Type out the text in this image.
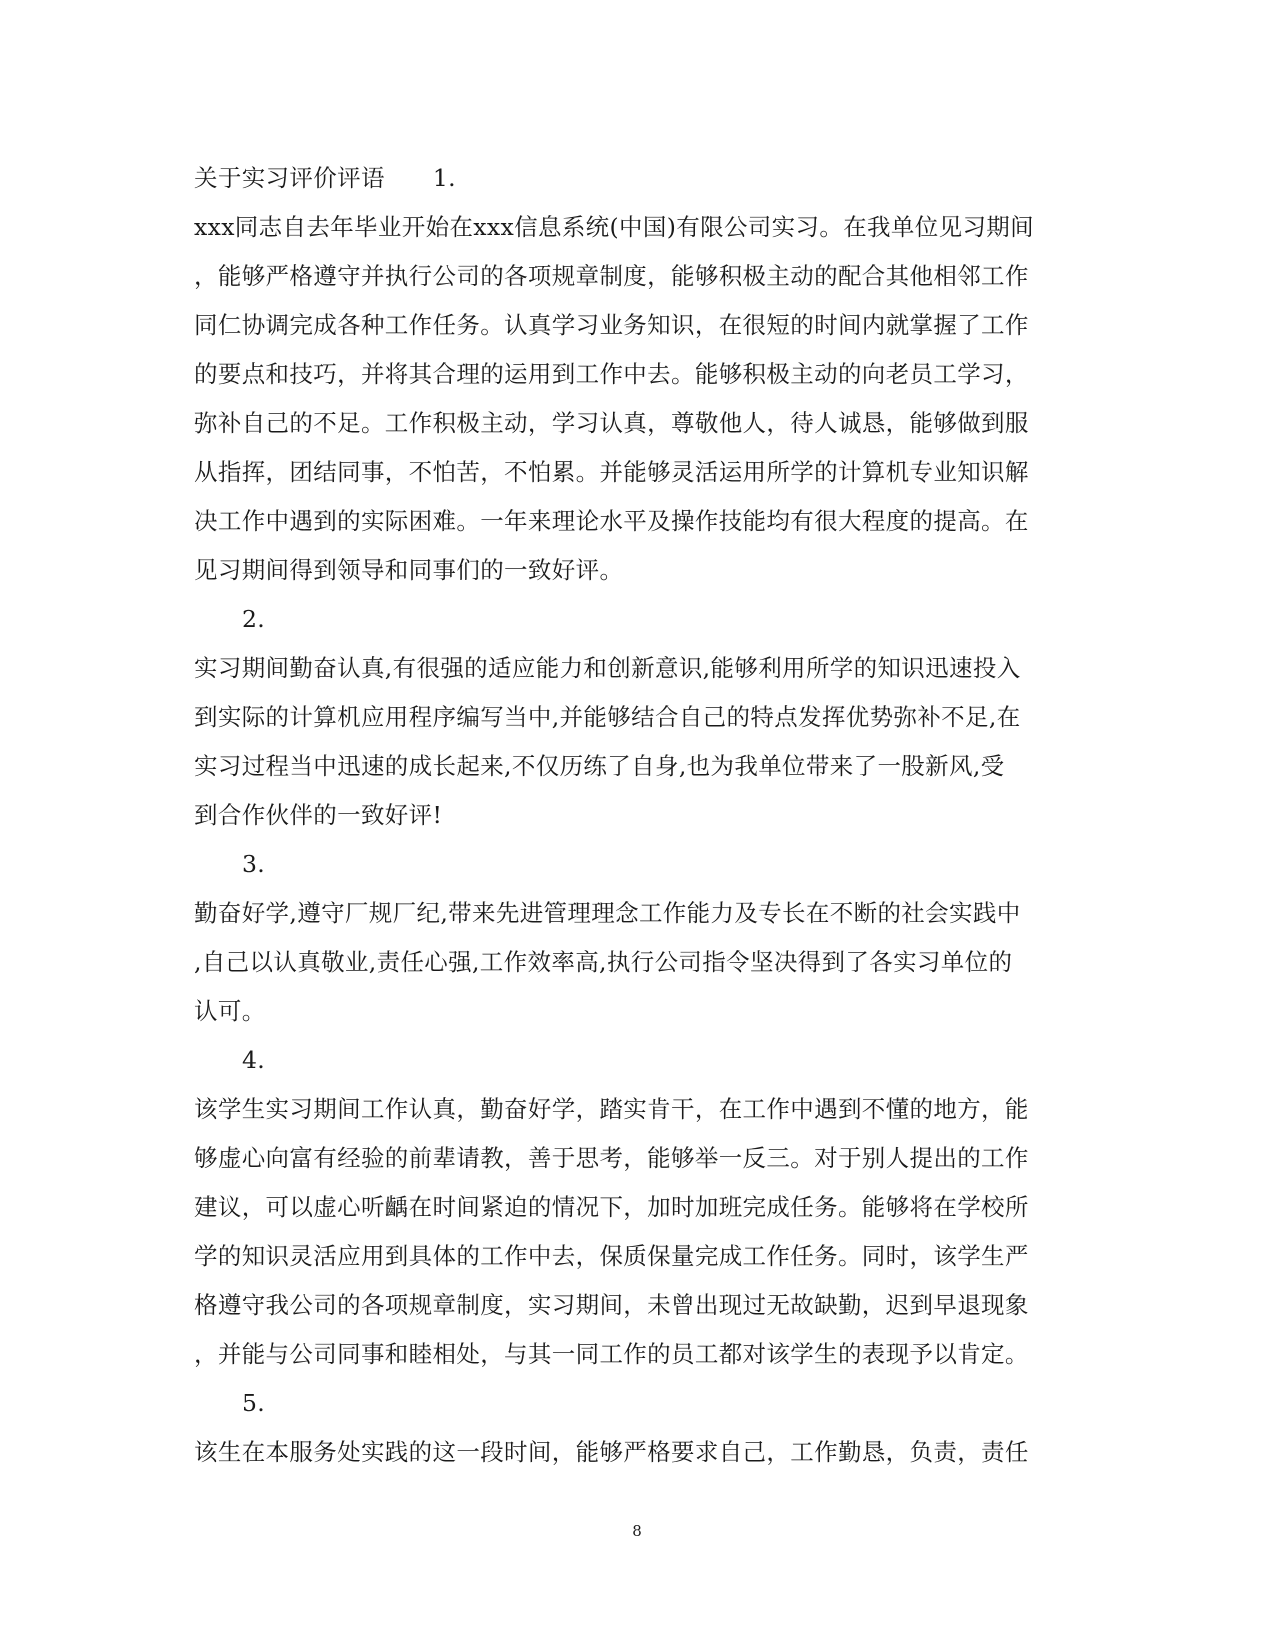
关于实习评价评语 1.
xxx同志自去年毕业开始在xxx信息系统(中国)有限公司实习。在我单位见习期间
，能够严格遵守并执行公司的各项规章制度，能够积极主动的配合其他相邻工作
同仁协调完成各种工作任务。认真学习业务知识，在很短的时间内就掌握了工作
的要点和技巧，并将其合理的运用到工作中去。能够积极主动的向老员工学习，
弥补自己的不足。工作积极主动，学习认真，尊敬他人，待人诚恳，能够做到服
从指挥，团结同事，不怕苦，不怕累。并能够灵活运用所学的计算机专业知识解
决工作中遇到的实际困难。一年来理论水平及操作技能均有很大程度的提高。在
见习期间得到领导和同事们的一致好评。
2.
实习期间勤奋认真,有很强的适应能力和创新意识,能够利用所学的知识迅速投入
到实际的计算机应用程序编写当中,并能够结合自己的特点发挥优势弥补不足,在
实习过程当中迅速的成长起来,不仅历练了自身,也为我单位带来了一股新风,受
到合作伙伴的一致好评!
3.
勤奋好学,遵守厂规厂纪,带来先进管理理念工作能力及专长在不断的社会实践中
,自己以认真敬业,责任心强,工作效率高,执行公司指令坚决得到了各实习单位的
认可。
4.
该学生实习期间工作认真，勤奋好学，踏实肯干，在工作中遇到不懂的地方，能
够虚心向富有经验的前辈请教，善于思考，能够举一反三。对于别人提出的工作
建议，可以虚心听齲在时间紧迫的情况下，加时加班完成任务。能够将在学校所
学的知识灵活应用到具体的工作中去，保质保量完成工作任务。同时，该学生严
格遵守我公司的各项规章制度，实习期间，未曾出现过无故缺勤，迟到早退现象
，并能与公司同事和睦相处，与其一同工作的员工都对该学生的表现予以肯定。
5.
该生在本服务处实践的这一段时间，能够严格要求自己，工作勤恳，负责，责任
8
